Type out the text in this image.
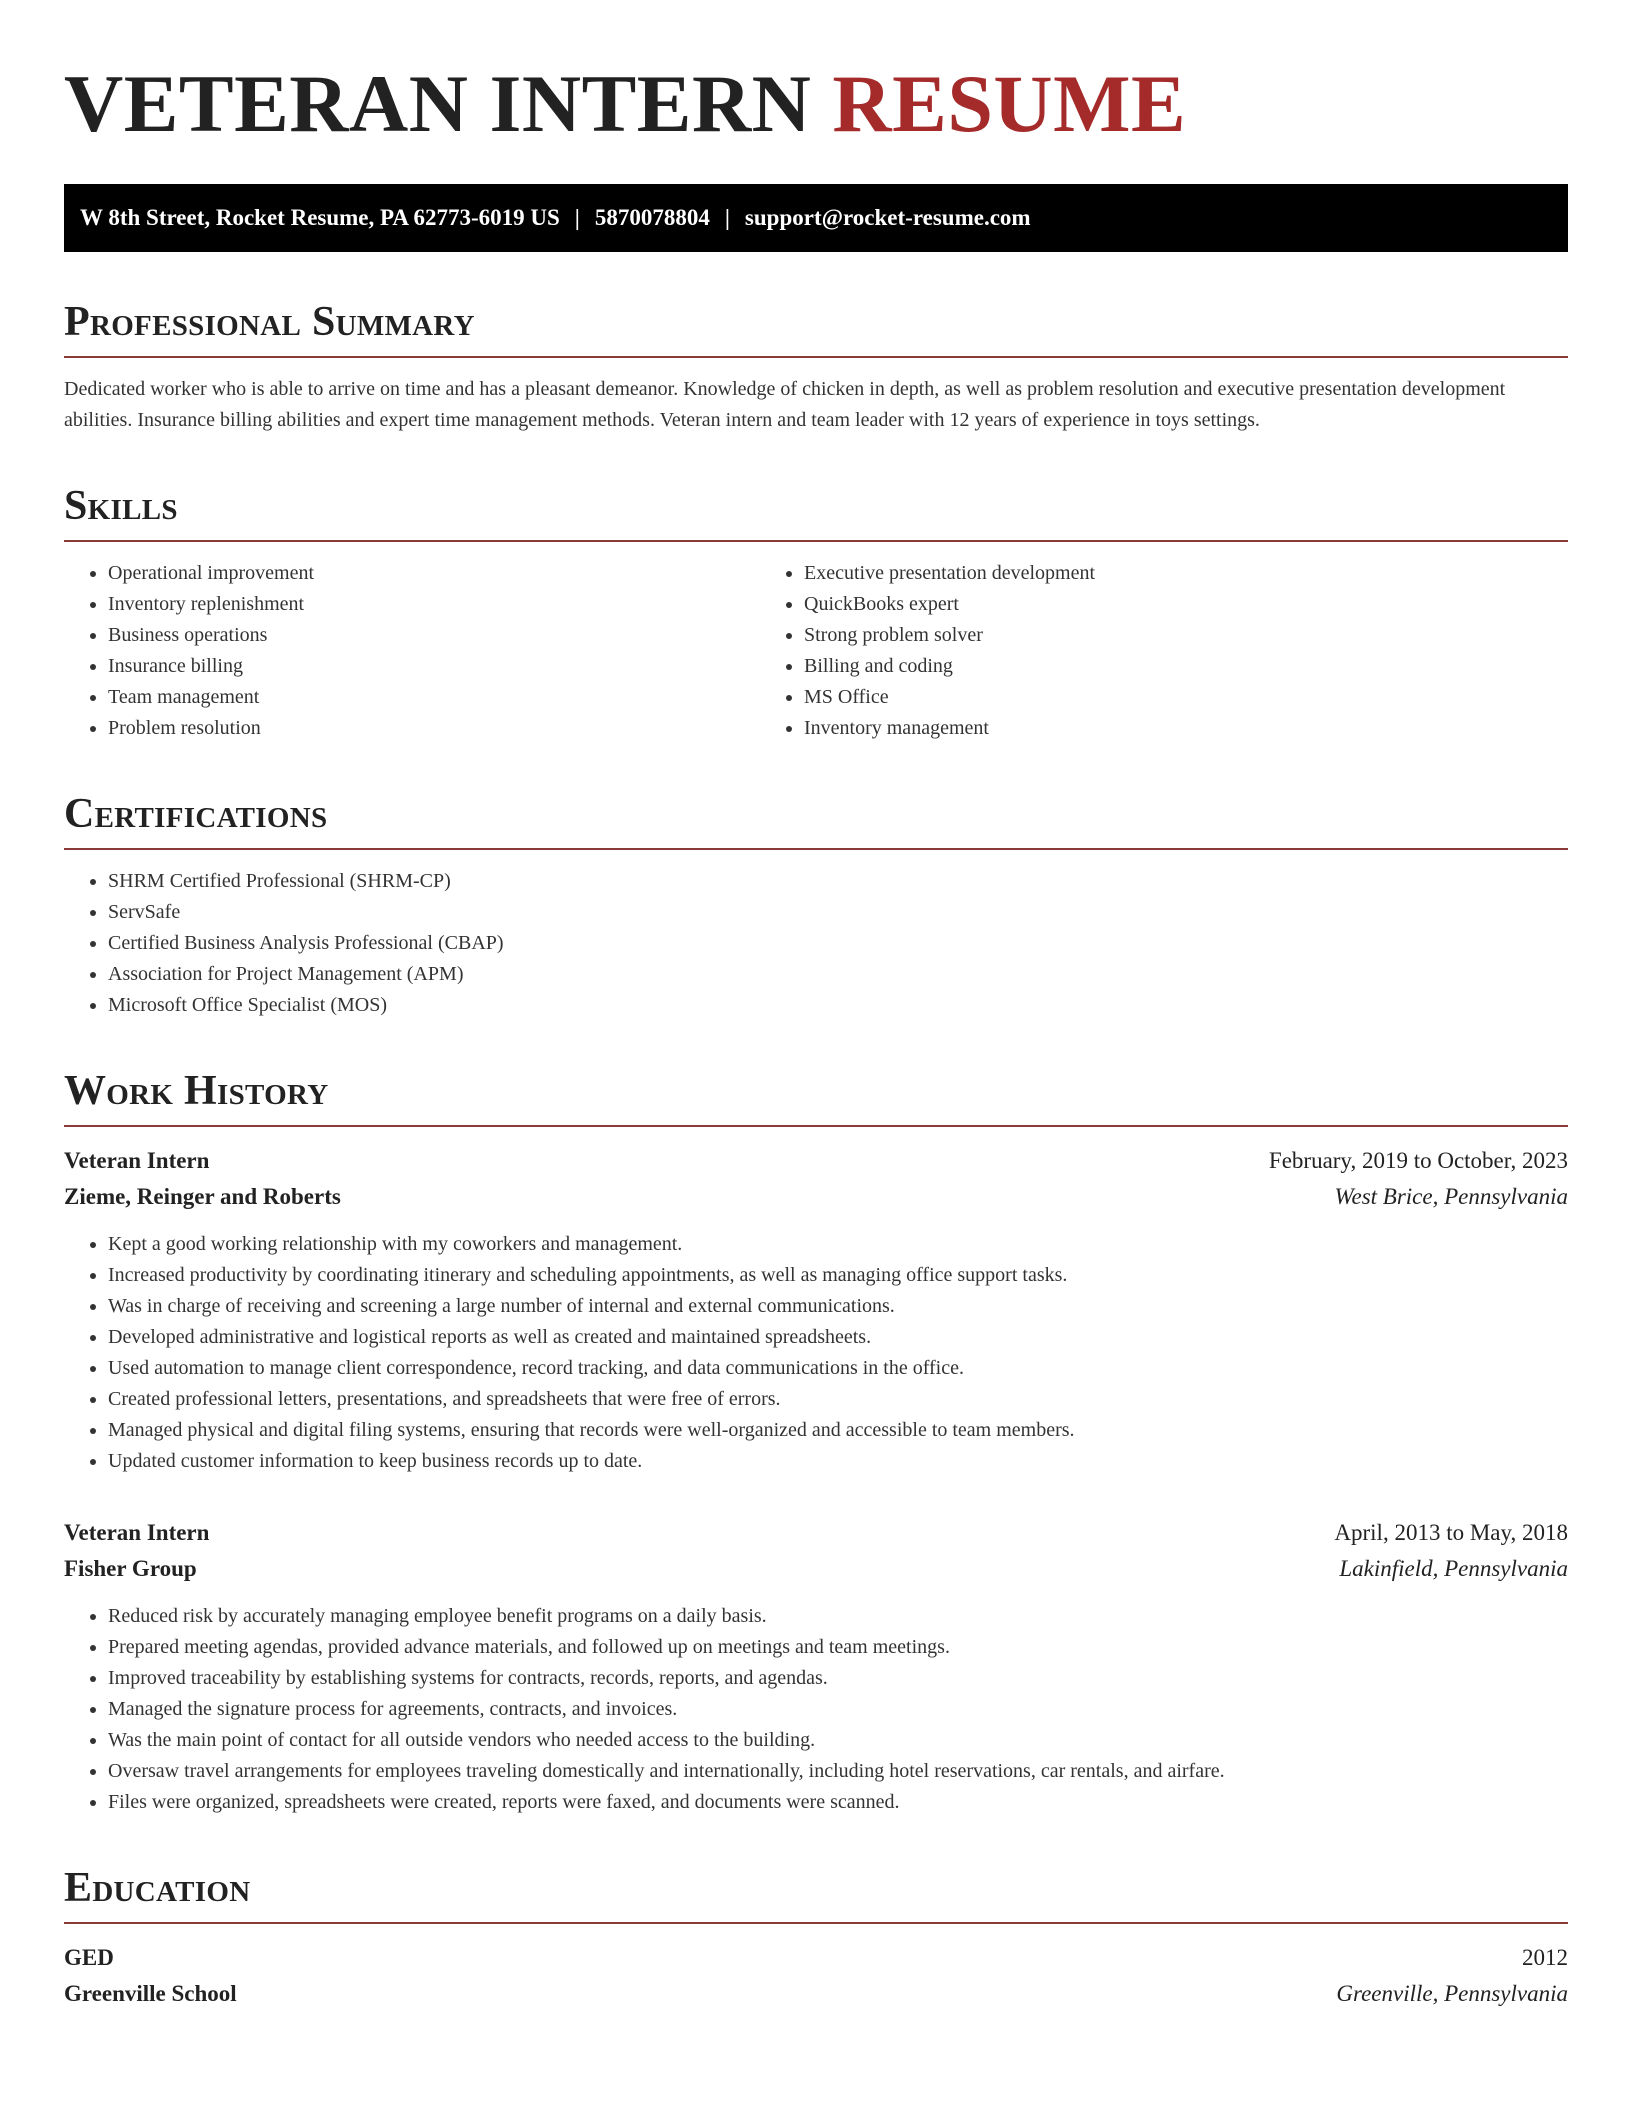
VETERAN INTERN RESUME
W 8th Street, Rocket Resume, PA 62773-6019 US | 5870078804 | support@rocket-resume.com
Professional Summary

Dedicated worker who is able to arrive on time and has a pleasant demeanor. Knowledge of chicken in depth, as well as problem resolution and executive presentation development abilities. Insurance billing abilities and expert time management methods. Veteran intern and team leader with 12 years of experience in toys settings.

Skills
• Operational improvement
• Inventory replenishment
• Business operations
• Insurance billing
• Team management
• Problem resolution
• Executive presentation development
• QuickBooks expert
• Strong problem solver
• Billing and coding
• MS Office
• Inventory management
Certifications
• SHRM Certified Professional (SHRM-CP)
• ServSafe
• Certified Business Analysis Professional (CBAP)
• Association for Project Management (APM)
• Microsoft Office Specialist (MOS)
Work History
Veteran Intern	February, 2019 to October, 2023
Zieme, Reinger and Roberts	West Brice, Pennsylvania
• Kept a good working relationship with my coworkers and management.
• Increased productivity by coordinating itinerary and scheduling appointments, as well as managing office support tasks.
• Was in charge of receiving and screening a large number of internal and external communications.
• Developed administrative and logistical reports as well as created and maintained spreadsheets.
• Used automation to manage client correspondence, record tracking, and data communications in the office.
• Created professional letters, presentations, and spreadsheets that were free of errors.
• Managed physical and digital filing systems, ensuring that records were well-organized and accessible to team members.
• Updated customer information to keep business records up to date.
Veteran Intern	April, 2013 to May, 2018
Fisher Group	Lakinfield, Pennsylvania
• Reduced risk by accurately managing employee benefit programs on a daily basis.
• Prepared meeting agendas, provided advance materials, and followed up on meetings and team meetings.
• Improved traceability by establishing systems for contracts, records, reports, and agendas.
• Managed the signature process for agreements, contracts, and invoices.
• Was the main point of contact for all outside vendors who needed access to the building.
• Oversaw travel arrangements for employees traveling domestically and internationally, including hotel reservations, car rentals, and airfare.
• Files were organized, spreadsheets were created, reports were faxed, and documents were scanned.
Education
GED	2012
Greenville School	Greenville, Pennsylvania
